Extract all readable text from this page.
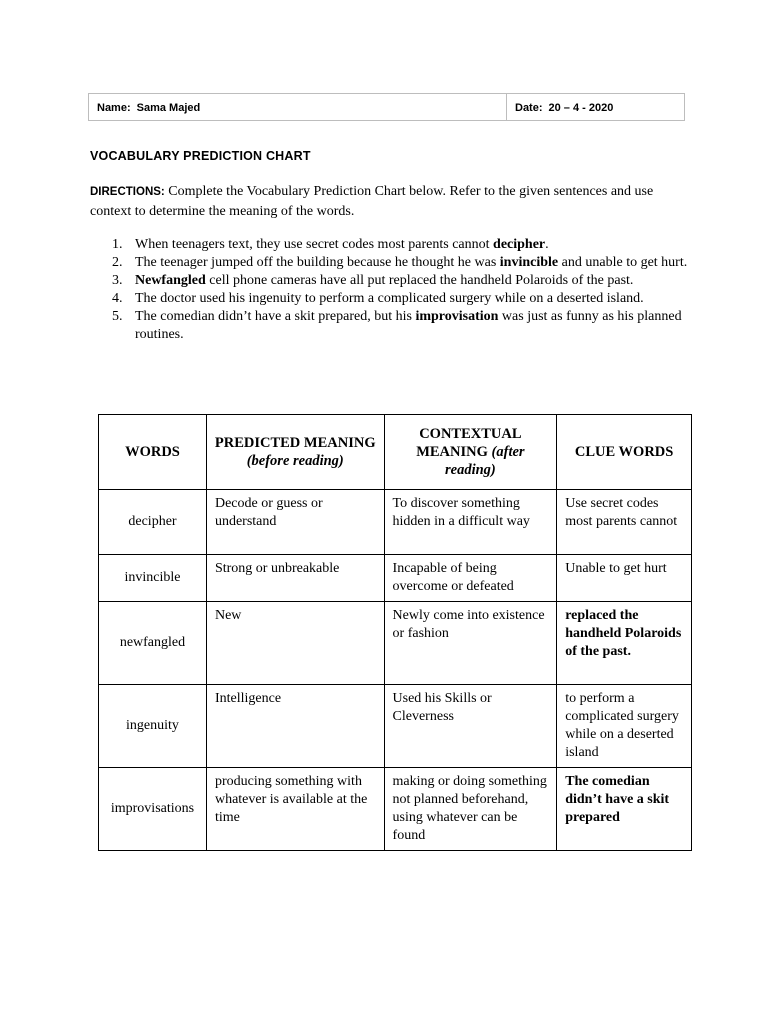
Name: Sama Majed	Date: 20 – 4 - 2020
VOCABULARY PREDICTION CHART
DIRECTIONS: Complete the Vocabulary Prediction Chart below. Refer to the given sentences and use context to determine the meaning of the words.
1. When teenagers text, they use secret codes most parents cannot decipher.
2. The teenager jumped off the building because he thought he was invincible and unable to get hurt.
3. Newfangled cell phone cameras have all put replaced the handheld Polaroids of the past.
4. The doctor used his ingenuity to perform a complicated surgery while on a deserted island.
5. The comedian didn’t have a skit prepared, but his improvisation was just as funny as his planned routines.
WORDS	PREDICTED MEANING (before reading)	CONTEXTUAL MEANING (after reading)	CLUE WORDS
decipher	Decode or guess or understand	To discover something hidden in a difficult way	Use secret codes most parents cannot
invincible	Strong or unbreakable	Incapable of being overcome or defeated	Unable to get hurt
newfangled	New	Newly come into existence or fashion	replaced the handheld Polaroids of the past.
ingenuity	Intelligence	Used his Skills or Cleverness	to perform a complicated surgery while on a deserted island
improvisations	producing something with whatever is available at the time	making or doing something not planned beforehand, using whatever can be found	The comedian didn’t have a skit prepared
